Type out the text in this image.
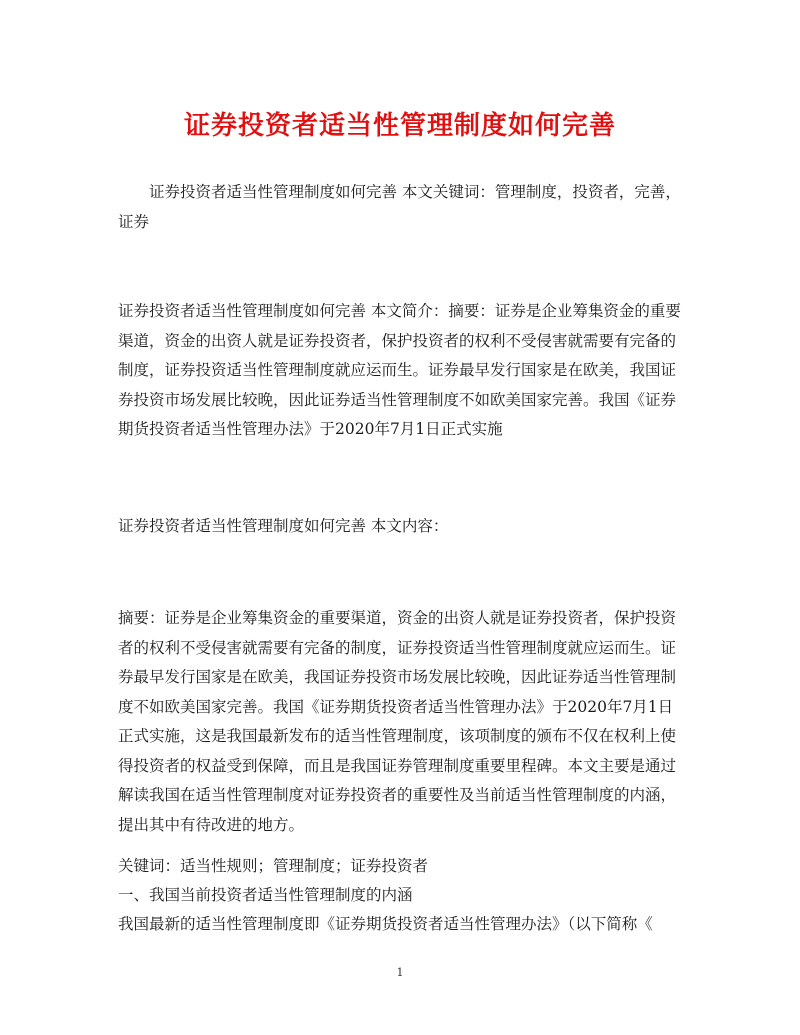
证券投资者适当性管理制度如何完善

证券投资者适当性管理制度如何完善 本文关键词：管理制度，投资者，完善，证券

证券投资者适当性管理制度如何完善 本文简介：摘要：证券是企业筹集资金的重要渠道，资金的出资人就是证券投资者，保护投资者的权利不受侵害就需要有完备的制度，证券投资适当性管理制度就应运而生。证券最早发行国家是在欧美，我国证券投资市场发展比较晚，因此证券适当性管理制度不如欧美国家完善。我国《证券期货投资者适当性管理办法》于2020年7月1日正式实施

证券投资者适当性管理制度如何完善 本文内容：

摘要：证券是企业筹集资金的重要渠道，资金的出资人就是证券投资者，保护投资者的权利不受侵害就需要有完备的制度，证券投资适当性管理制度就应运而生。证券最早发行国家是在欧美，我国证券投资市场发展比较晚，因此证券适当性管理制度不如欧美国家完善。我国《证券期货投资者适当性管理办法》于2020年7月1日正式实施，这是我国最新发布的适当性管理制度，该项制度的颁布不仅在权利上使得投资者的权益受到保障，而且是我国证券管理制度重要里程碑。本文主要是通过解读我国在适当性管理制度对证券投资者的重要性及当前适当性管理制度的内涵，提出其中有待改进的地方。

关键词：适当性规则；管理制度；证券投资者

一、我国当前投资者适当性管理制度的内涵

我国最新的适当性管理制度即《证券期货投资者适当性管理办法》（以下简称《

1
